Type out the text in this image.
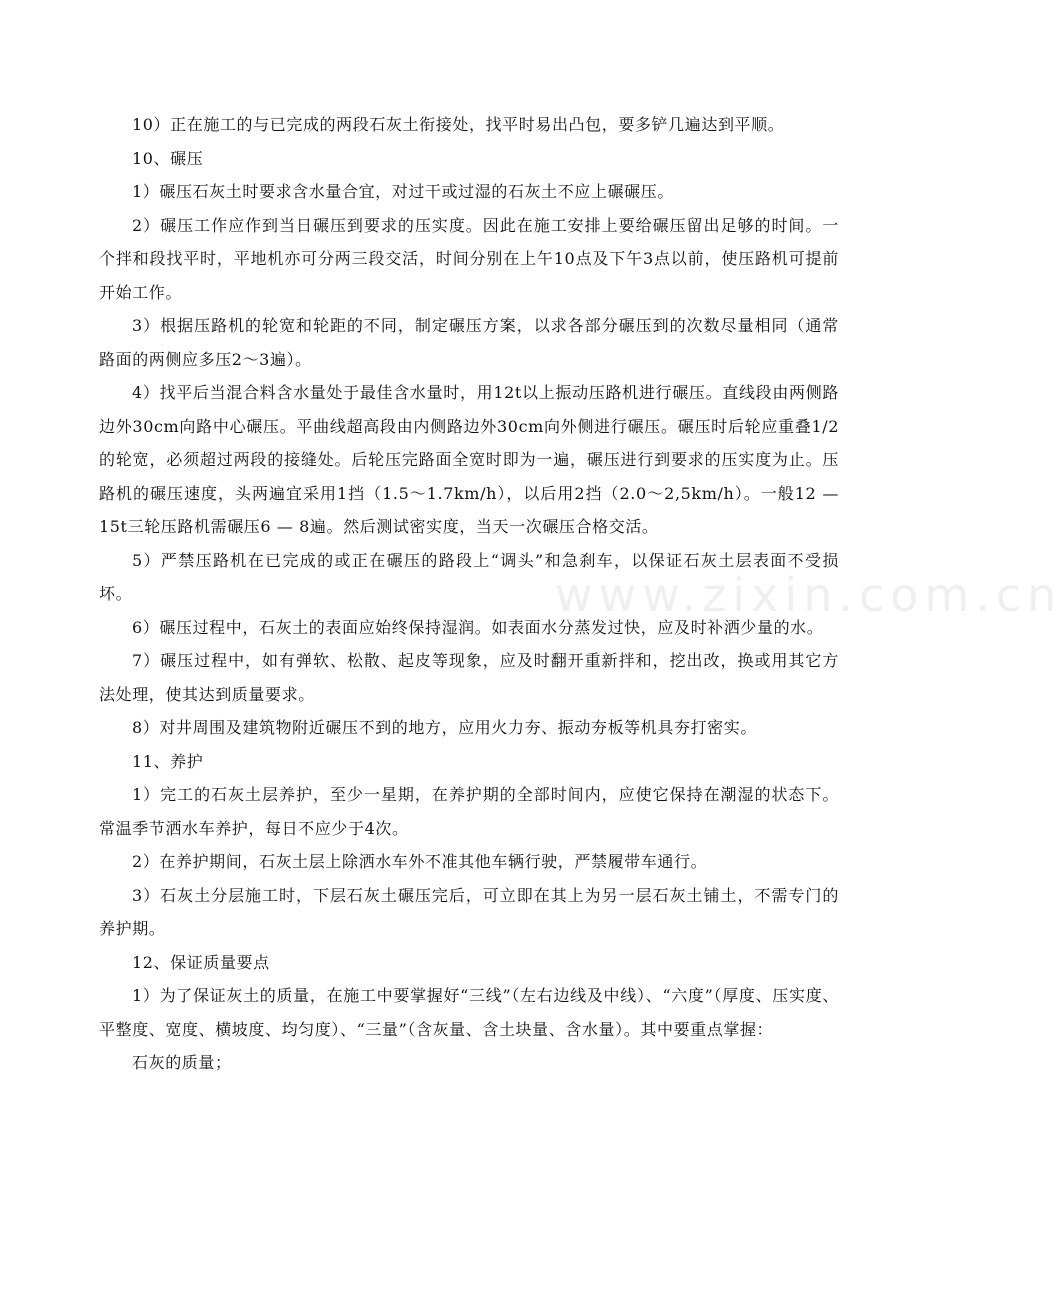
10）正在施工的与已完成的两段石灰土衔接处，找平时易出凸包，要多铲几遍达到平顺。

10、碾压

1）碾压石灰土时要求含水量合宜，对过干或过湿的石灰土不应上碾碾压。

2）碾压工作应作到当日碾压到要求的压实度。因此在施工安排上要给碾压留出足够的时间。一个拌和段找平时，平地机亦可分两三段交活，时间分别在上午10点及下午3点以前，使压路机可提前开始工作。

3）根据压路机的轮宽和轮距的不同，制定碾压方案，以求各部分碾压到的次数尽量相同（通常路面的两侧应多压2～3遍）。

4）找平后当混合料含水量处于最佳含水量时，用12t以上振动压路机进行碾压。直线段由两侧路边外30cm向路中心碾压。平曲线超高段由内侧路边外30cm向外侧进行碾压。碾压时后轮应重叠1/2的轮宽，必须超过两段的接缝处。后轮压完路面全宽时即为一遍，碾压进行到要求的压实度为止。压路机的碾压速度，头两遍宜采用1挡（1.5～1.7km/h），以后用2挡（2.0～2,5km/h）。一般12 —15t三轮压路机需碾压6 — 8遍。然后测试密实度，当天一次碾压合格交活。

5）严禁压路机在已完成的或正在碾压的路段上“调头”和急刹车，以保证石灰土层表面不受损坏。

6）碾压过程中，石灰土的表面应始终保持湿润。如表面水分蒸发过快，应及时补洒少量的水。

7）碾压过程中，如有弹软、松散、起皮等现象，应及时翻开重新拌和，挖出改，换或用其它方法处理，使其达到质量要求。

8）对井周围及建筑物附近碾压不到的地方，应用火力夯、振动夯板等机具夯打密实。

11、养护

1）完工的石灰土层养护，至少一星期，在养护期的全部时间内，应使它保持在潮湿的状态下。常温季节洒水车养护，每日不应少于4次。

2）在养护期间，石灰土层上除洒水车外不准其他车辆行驶，严禁履带车通行。

3）石灰土分层施工时，下层石灰土碾压完后，可立即在其上为另一层石灰土铺土，不需专门的养护期。

12、保证质量要点

1）为了保证灰土的质量，在施工中要掌握好“三线”（左右边线及中线）、“六度”（厚度、压实度、平整度、宽度、横坡度、均匀度）、“三量”（含灰量、含土块量、含水量）。其中要重点掌握：

石灰的质量；

www.zixin.com.cn
